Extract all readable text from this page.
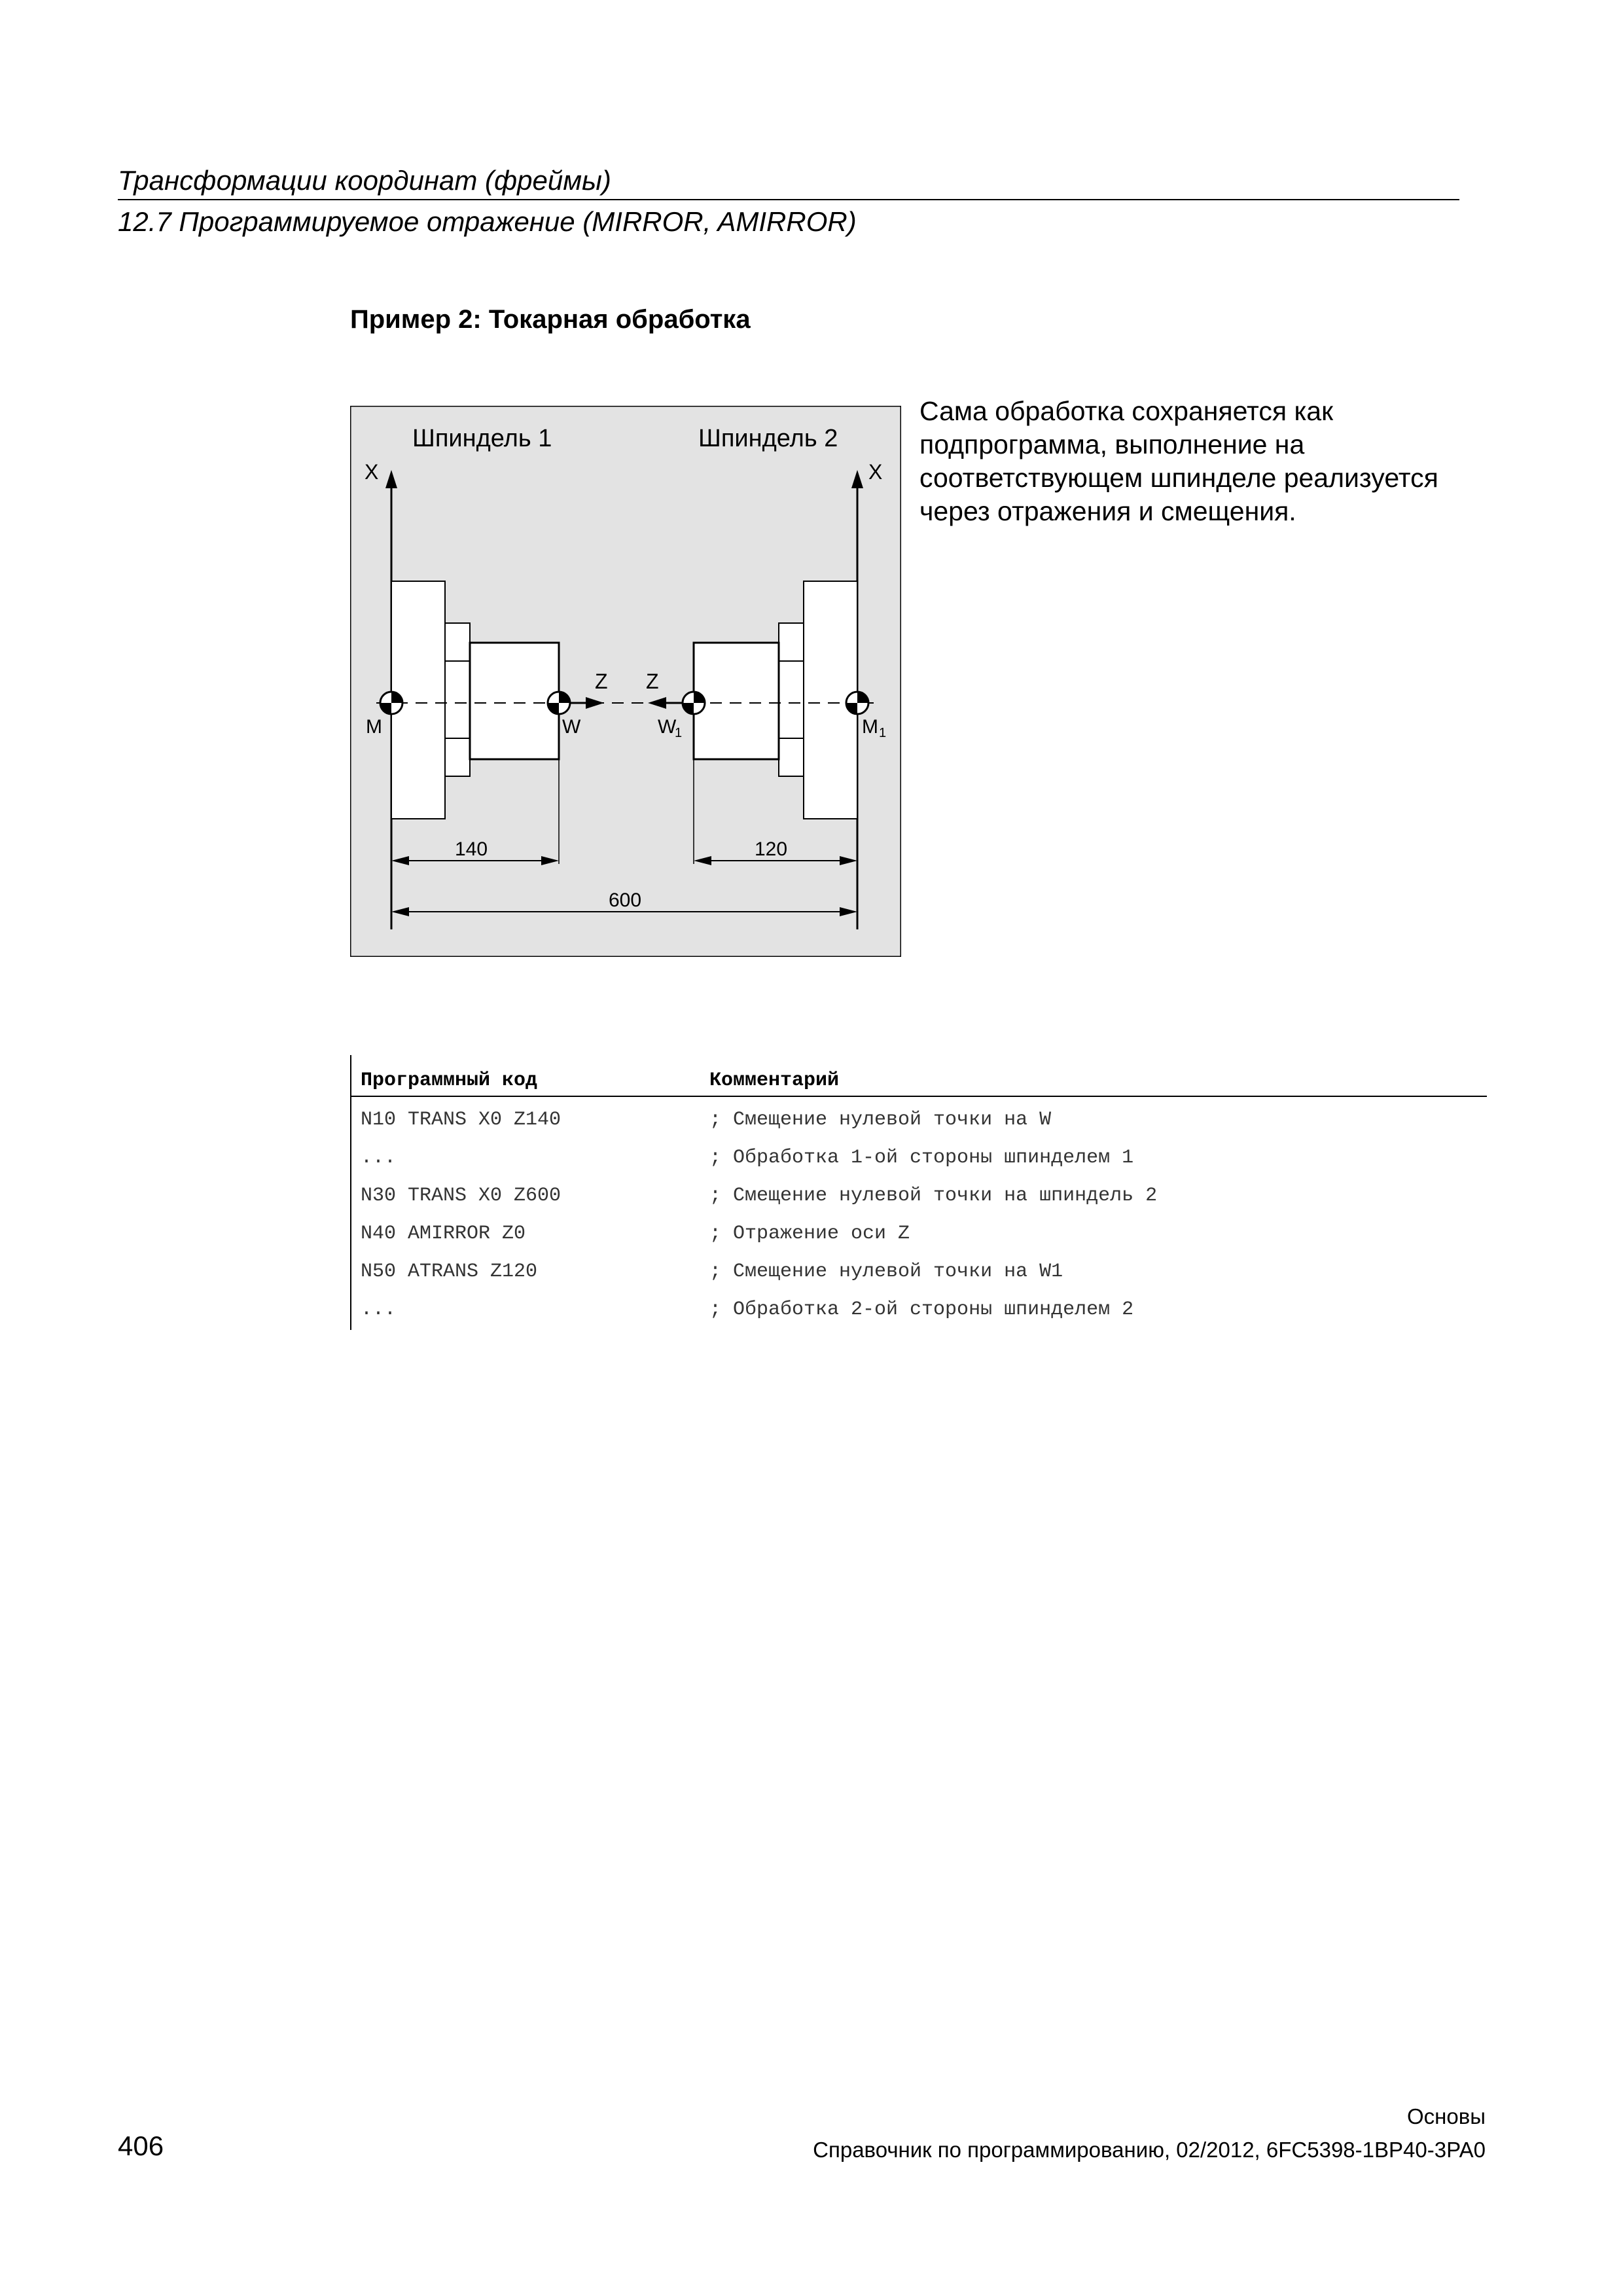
Трансформации координат (фреймы)
12.7 Программируемое отражение (MIRROR, AMIRROR)
Пример 2: Токарная обработка
Шпиндель 1	Шпиндель 2
X	X
Z Z
M	W	W
1	M 1
140	120
600
Сама обработка сохраняется как
подпрограмма, выполнение на
соответствующем шпинделе реализуется
через отражения и смещения.
Программный код	Комментарий
N10 TRANS X0 Z140	; Смещение нулевой точки на W
...	; Обработка 1-ой стороны шпинделем 1
N30 TRANS X0 Z600	; Смещение нулевой точки на шпиндель 2
N40 AMIRROR Z0	; Отражение оси Z
N50 ATRANS Z120	; Смещение нулевой точки на W1
...	; Обработка 2-ой стороны шпинделем 2
Основы
406	Справочник по программированию, 02/2012, 6FC5398-1BP40-3PA0
